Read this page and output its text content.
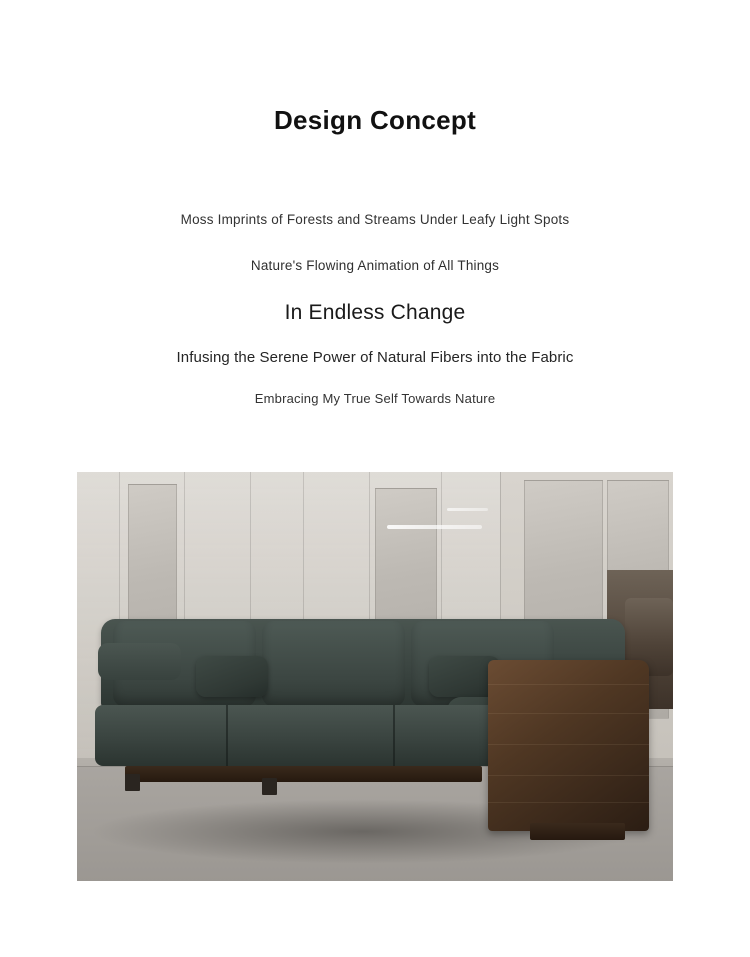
Design Concept
Moss Imprints of Forests and Streams Under Leafy Light Spots
Nature's Flowing Animation of All Things
In Endless Change
Infusing the Serene Power of Natural Fibers into the Fabric
Embracing My True Self Towards Nature
